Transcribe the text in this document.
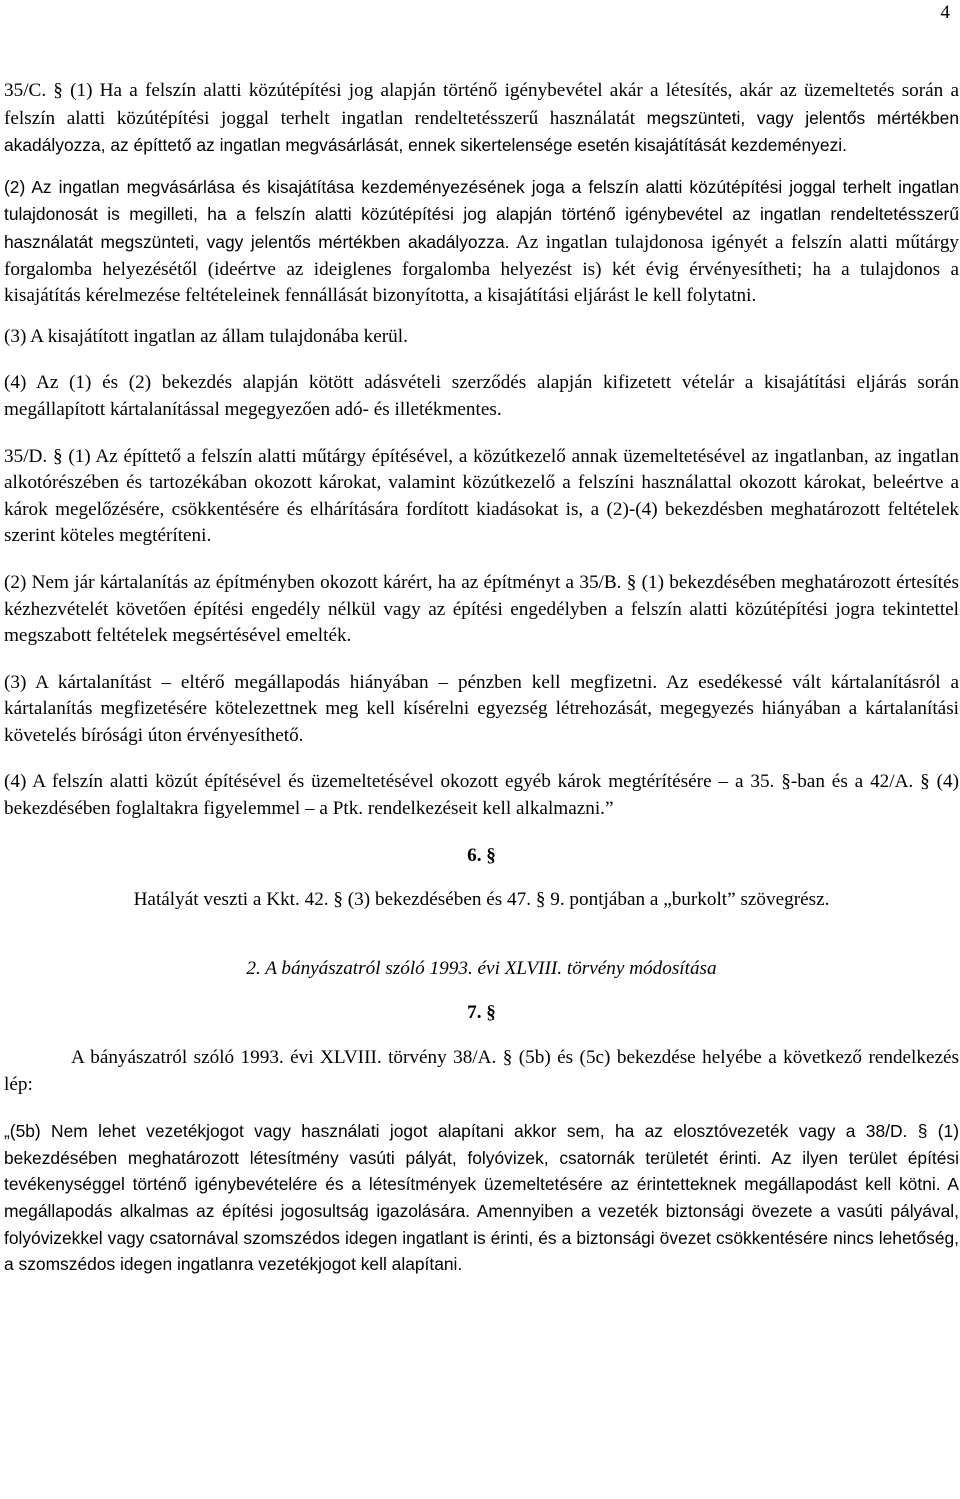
4

35/C. § (1) Ha a felszín alatti közútépítési jog alapján történő igénybevétel akár a létesítés, akár az üzemeltetés során a felszín alatti közútépítési joggal terhelt ingatlan rendeltetésszerű használatát megszünteti, vagy jelentős mértékben akadályozza, az építtető az ingatlan megvásárlását, ennek sikertelensége esetén kisajátítását kezdeményezi.

(2) Az ingatlan megvásárlása és kisajátítása kezdeményezésének joga a felszín alatti közútépítési joggal terhelt ingatlan tulajdonosát is megilleti, ha a felszín alatti közútépítési jog alapján történő igénybevétel az ingatlan rendeltetésszerű használatát megszünteti, vagy jelentős mértékben akadályozza. Az ingatlan tulajdonosa igényét a felszín alatti műtárgy forgalomba helyezésétől (ideértve az ideiglenes forgalomba helyezést is) két évig érvényesítheti; ha a tulajdonos a kisajátítás kérelmezése feltételeinek fennállását bizonyította, a kisajátítási eljárást le kell folytatni.

(3) A kisajátított ingatlan az állam tulajdonába kerül.

(4) Az (1) és (2) bekezdés alapján kötött adásvételi szerződés alapján kifizetett vételár a kisajátítási eljárás során megállapított kártalanítással megegyezően adó- és illetékmentes.

35/D. § (1) Az építtető a felszín alatti műtárgy építésével, a közútkezelő annak üzemeltetésével az ingatlanban, az ingatlan alkotórészében és tartozékában okozott károkat, valamint közútkezelő a felszíni használattal okozott károkat, beleértve a károk megelőzésére, csökkentésére és elhárítására fordított kiadásokat is, a (2)-(4) bekezdésben meghatározott feltételek szerint köteles megtéríteni.

(2) Nem jár kártalanítás az építményben okozott kárért, ha az építményt a 35/B. § (1) bekezdésében meghatározott értesítés kézhezvételét követően építési engedély nélkül vagy az építési engedélyben a felszín alatti közútépítési jogra tekintettel megszabott feltételek megsértésével emelték.

(3) A kártalanítást – eltérő megállapodás hiányában – pénzben kell megfizetni. Az esedékessé vált kártalanításról a kártalanítás megfizetésére kötelezettnek meg kell kísérelni egyezség létrehozását, megegyezés hiányában a kártalanítási követelés bírósági úton érvényesíthető.

(4) A felszín alatti közút építésével és üzemeltetésével okozott egyéb károk megtérítésére – a 35. §-ban és a 42/A. § (4) bekezdésében foglaltakra figyelemmel – a Ptk. rendelkezéseit kell alkalmazni.”

6. §
Hatályát veszti a Kkt. 42. § (3) bekezdésében és 47. § 9. pontjában a „burkolt” szövegrész.
2. A bányászatról szóló 1993. évi XLVIII. törvény módosítása
7. §

A bányászatról szóló 1993. évi XLVIII. törvény 38/A. § (5b) és (5c) bekezdése helyébe a következő rendelkezés lép:

„(5b) Nem lehet vezetékjogot vagy használati jogot alapítani akkor sem, ha az elosztóvezeték vagy a 38/D. § (1) bekezdésében meghatározott létesítmény vasúti pályát, folyóvizek, csatornák területét érinti. Az ilyen terület építési tevékenységgel történő igénybevételére és a létesítmények üzemeltetésére az érintetteknek megállapodást kell kötni. A megállapodás alkalmas az építési jogosultság igazolására. Amennyiben a vezeték biztonsági övezete a vasúti pályával, folyóvizekkel vagy csatornával szomszédos idegen ingatlant is érinti, és a biztonsági övezet csökkentésére nincs lehetőség, a szomszédos idegen ingatlanra vezetékjogot kell alapítani.
